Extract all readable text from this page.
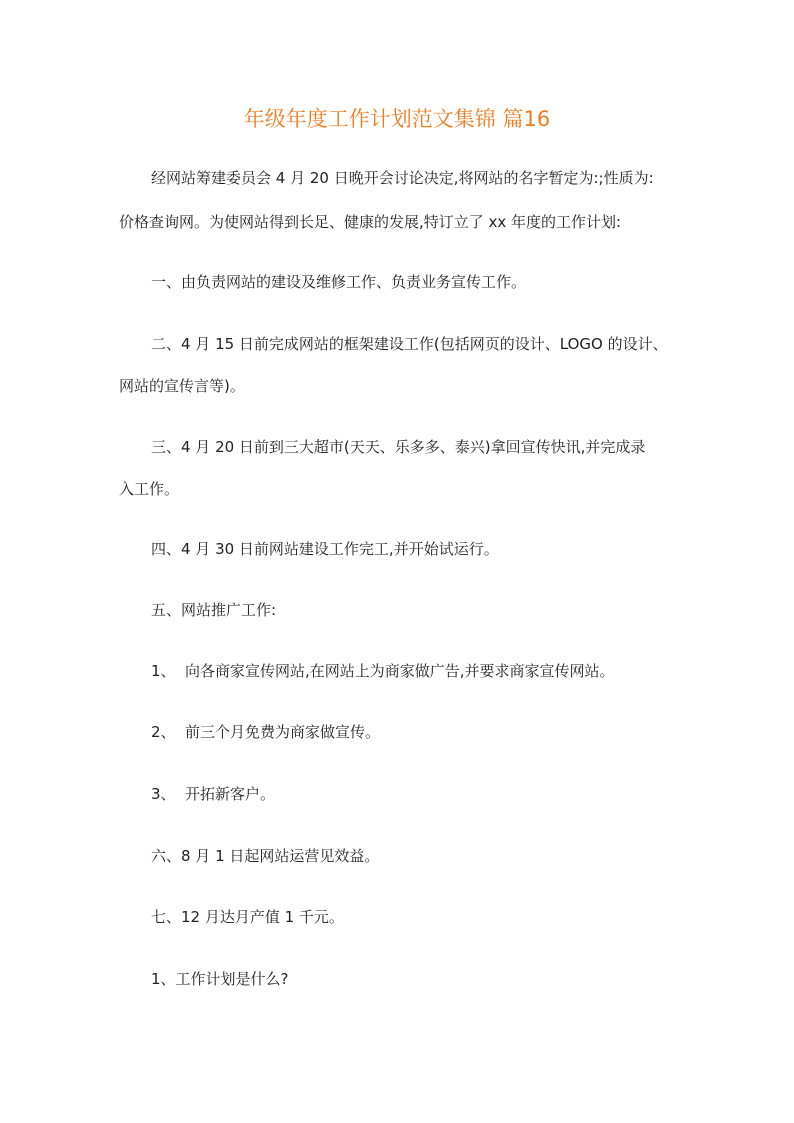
年级年度工作计划范文集锦 篇16
经网站筹建委员会 4 月 20 日晚开会讨论决定,将网站的名字暂定为:;性质为:
价格查询网。为使网站得到长足、健康的发展,特订立了 xx 年度的工作计划:
一、由负责网站的建设及维修工作、负责业务宣传工作。
二、4 月 15 日前完成网站的框架建设工作(包括网页的设计、LOGO 的设计、
网站的宣传言等)。
三、4 月 20 日前到三大超市(天天、乐多多、泰兴)拿回宣传快讯,并完成录
入工作。
四、4 月 30 日前网站建设工作完工,并开始试运行。
五、网站推广工作:
1、 向各商家宣传网站,在网站上为商家做广告,并要求商家宣传网站。
2、 前三个月免费为商家做宣传。
3、 开拓新客户。
六、8 月 1 日起网站运营见效益。
七、12 月达月产值 1 千元。
1、工作计划是什么?
